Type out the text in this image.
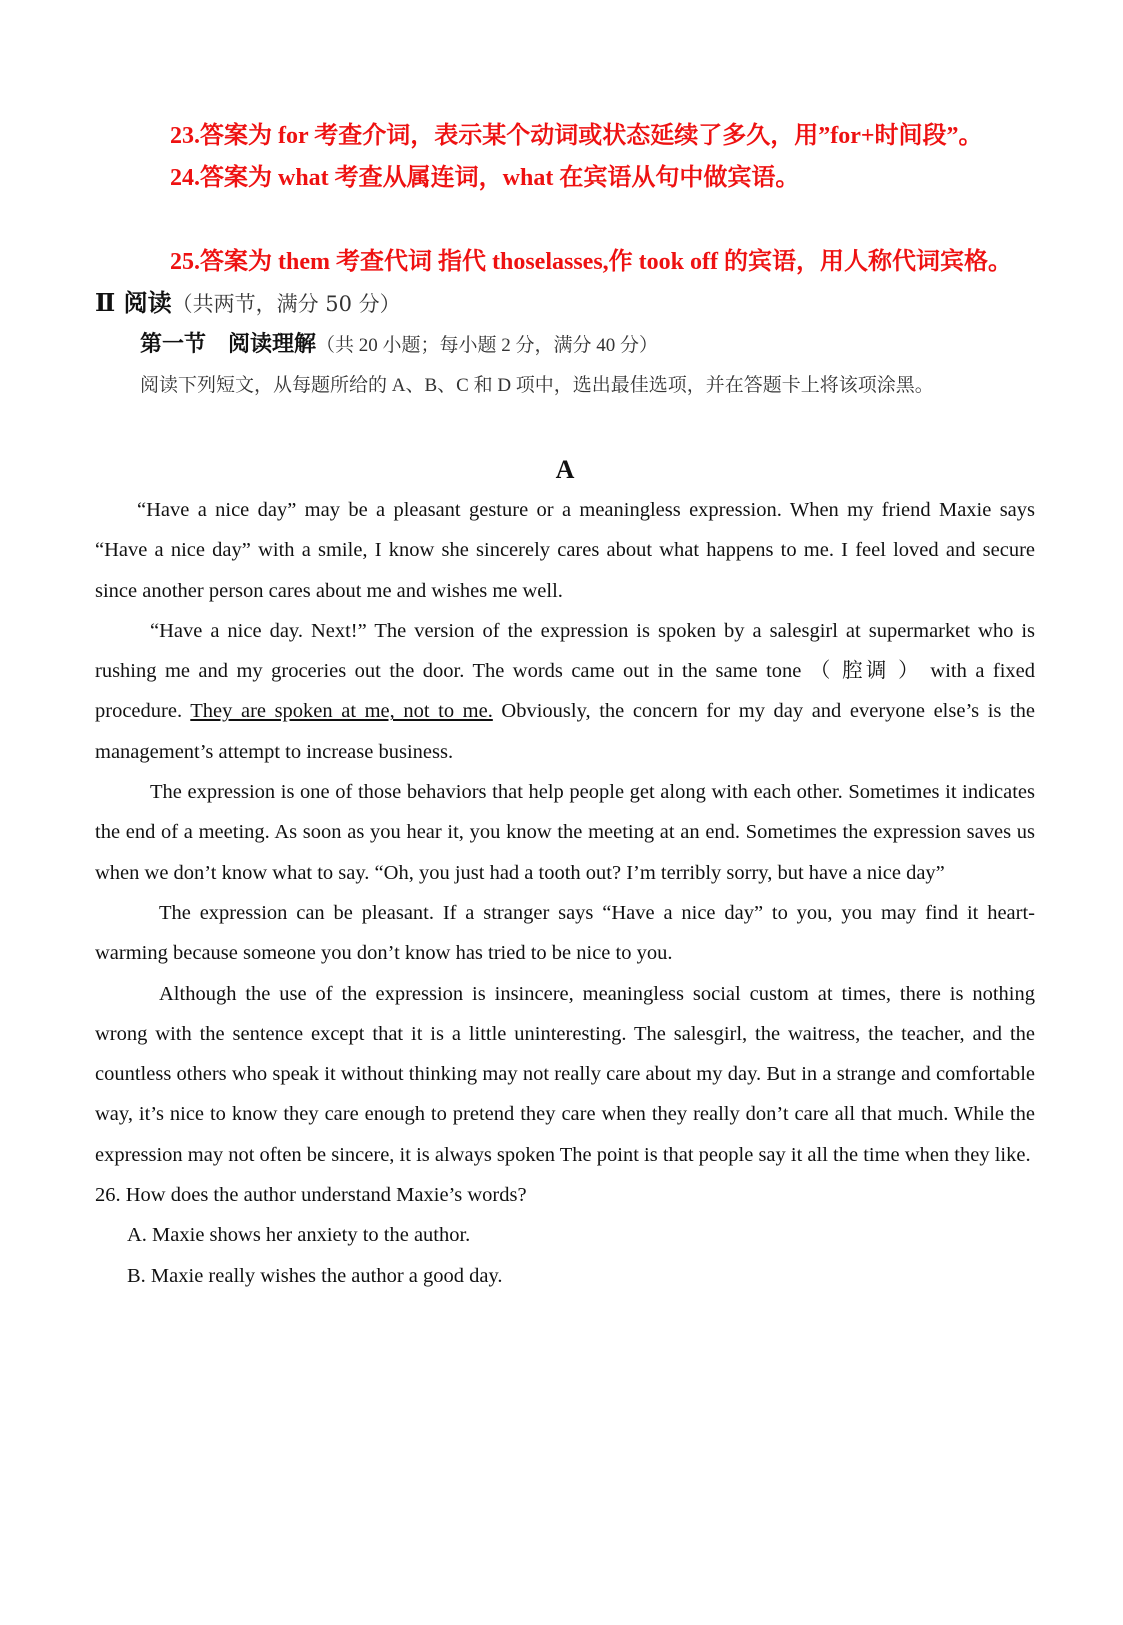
23.答案为 for 考查介词，表示某个动词或状态延续了多久，用”for+时间段”。

24.答案为 what 考查从属连词，what 在宾语从句中做宾语。

25.答案为 them 考查代词 指代 thoselasses,作 took off 的宾语，用人称代词宾格。

Ⅱ 阅读（共两节，满分 50 分）

第一节　阅读理解（共 20 小题；每小题 2 分，满分 40 分）

阅读下列短文，从每题所给的 A、B、C 和 D 项中，选出最佳选项，并在答题卡上将该项涂黑。

A

“Have a nice day” may be a pleasant gesture or a meaningless expression. When my friend Maxie says “Have a nice day” with a smile, I know she sincerely cares about what happens to me. I feel loved and secure since another person cares about me and wishes me well.

“Have a nice day. Next!” The version of the expression is spoken by a salesgirl at supermarket who is rushing me and my groceries out the door. The words came out in the same tone （ 腔调 ） with a fixed procedure. They are spoken at me, not to me. Obviously, the concern for my day and everyone else’s is the management’s attempt to increase business.

The expression is one of those behaviors that help people get along with each other. Sometimes it indicates the end of a meeting. As soon as you hear it, you know the meeting at an end. Sometimes the expression saves us when we don’t know what to say. “Oh, you just had a tooth out? I’m terribly sorry, but have a nice day”

The expression can be pleasant. If a stranger says “Have a nice day” to you, you may find it heart-warming because someone you don’t know has tried to be nice to you.

Although the use of the expression is insincere, meaningless social custom at times, there is nothing wrong with the sentence except that it is a little uninteresting. The salesgirl, the waitress, the teacher, and the countless others who speak it without thinking may not really care about my day. But in a strange and comfortable way, it’s nice to know they care enough to pretend they care when they really don’t care all that much. While the expression may not often be sincere, it is always spoken The point is that people say it all the time when they like.

26. How does the author understand Maxie’s words?

A. Maxie shows her anxiety to the author.

B. Maxie really wishes the author a good day.
